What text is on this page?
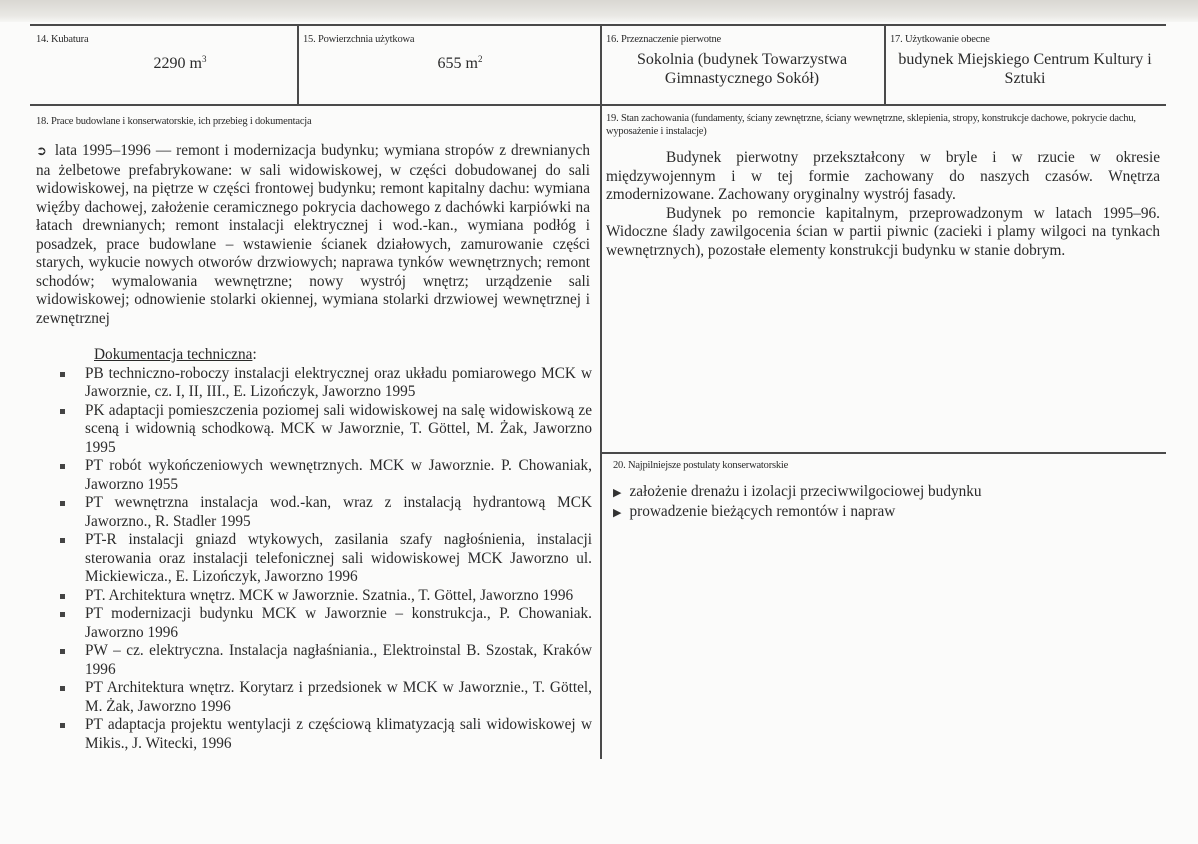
14. Kubatura
2290 $m^3$
15. Powierzchnia użytkowa
655 $m^2$
16. Przeznaczenie pierwotne
Sokolnia (budynek Towarzystwa Gimnastycznego Sokół)
17. Użytkowanie obecne
budynek Miejskiego Centrum Kultury i Sztuki
18. Prace budowlane i konserwatorskie, ich przebieg i dokumentacja

➲ lata 1995–1996 — remont i modernizacja budynku; wymiana stropów z drewnianych na żelbetowe prefabrykowane: w sali widowiskowej, w części dobudowanej do sali widowiskowej, na piętrze w części frontowej budynku; remont kapitalny dachu: wymiana więźby dachowej, założenie ceramicznego pokrycia dachowego z dachówki karpiówki na łatach drewnianych; remont instalacji elektrycznej i wod.-kan., wymiana podłóg i posadzek, prace budowlane – wstawienie ścianek działowych, zamurowanie części starych, wykucie nowych otworów drzwiowych; naprawa tynków wewnętrznych; remont schodów; wymalowania wewnętrzne; nowy wystrój wnętrz; urządzenie sali widowiskowej; odnowienie stolarki okiennej, wymiana stolarki drzwiowej wewnętrznej i zewnętrznej

Dokumentacja techniczna:
PB techniczno-roboczy instalacji elektrycznej oraz układu pomiarowego MCK w Jaworznie, cz. I, II, III., E. Lizończyk, Jaworzno 1995
PK adaptacji pomieszczenia poziomej sali widowiskowej na salę widowiskową ze sceną i widownią schodkową. MCK w Jaworznie, T. Göttel, M. Żak, Jaworzno 1995
PT robót wykończeniowych wewnętrznych. MCK w Jaworznie. P. Chowaniak, Jaworzno 1955
PT wewnętrzna instalacja wod.-kan, wraz z instalacją hydrantową MCK Jaworzno., R. Stadler 1995
PT-R instalacji gniazd wtykowych, zasilania szafy nagłośnienia, instalacji sterowania oraz instalacji telefonicznej sali widowiskowej MCK Jaworzno ul. Mickiewicza., E. Lizończyk, Jaworzno 1996
PT. Architektura wnętrz. MCK w Jaworznie. Szatnia., T. Göttel, Jaworzno 1996
PT modernizacji budynku MCK w Jaworznie – konstrukcja., P. Chowaniak. Jaworzno 1996
PW – cz. elektryczna. Instalacja nagłaśniania., Elektroinstal B. Szostak, Kraków 1996
PT Architektura wnętrz. Korytarz i przedsionek w MCK w Jaworznie., T. Göttel, M. Żak, Jaworzno 1996
PT adaptacja projektu wentylacji z częściową klimatyzacją sali widowiskowej w Mikis., J. Witecki, 1996
19. Stan zachowania (fundamenty, ściany zewnętrzne, ściany wewnętrzne, sklepienia, stropy, konstrukcje dachowe, pokrycie dachu, wyposażenie i instalacje)

Budynek pierwotny przekształcony w bryle i w rzucie w okresie międzywojennym i w tej formie zachowany do naszych czasów. Wnętrza zmodernizowane. Zachowany oryginalny wystrój fasady.

Budynek po remoncie kapitalnym, przeprowadzonym w latach 1995–96. Widoczne ślady zawilgocenia ścian w partii piwnic (zacieki i plamy wilgoci na tynkach wewnętrznych), pozostałe elementy konstrukcji budynku w stanie dobrym.

20. Najpilniejsze postulaty konserwatorskie
▶ założenie drenażu i izolacji przeciwwilgociowej budynku
▶ prowadzenie bieżących remontów i napraw
